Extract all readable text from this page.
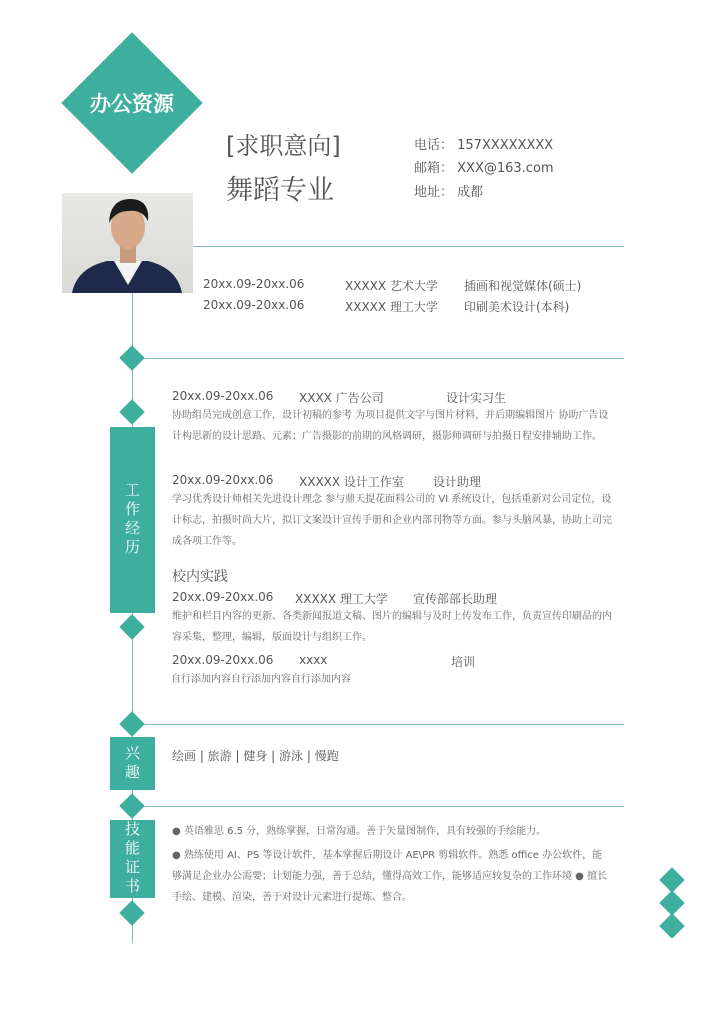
办公资源
[求职意向]
舞蹈专业
电话： 157XXXXXXXX
邮箱： XXX@163.com
地址： 成都
20xx.09-20xx.06	XXXXX 艺术大学 插画和视觉媒体(硕士)
20xx.09-20xx.06	XXXXX 理工大学 印刷美术设计(本科)
工作经历
兴趣
技能证书
20xx.09-20xx.06 XXXX 广告公司	设计实习生
协助组员完成创意工作，设计初稿的参考 为项目提供文字与图片材料，并后期编辑图片 协助广告设计构思新的设计思路、元素；广告摄影的前期的风格调研，摄影师调研与拍摄日程安排辅助工作。
20xx.09-20xx.06 XXXXX 设计工作室 设计助理
学习优秀设计师相关先进设计理念 参与鼎天提花面料公司的 VI 系统设计，包括重新对公司定位，设计标志，拍摄时尚大片，拟订文案设计宣传手册和企业内部刊物等方面。参与头脑风暴，协助上司完成各项工作等。
校内实践
20xx.09-20xx.06 XXXXX 理工大学 宣传部部长助理
维护和栏目内容的更新、各类新闻报道文稿、图片的编辑与及时上传发布工作，负责宣传印刷品的内容采集，整理，编辑，版面设计与组织工作。
20xx.09-20xx.06 xxxx	培训
自行添加内容自行添加内容自行添加内容
绘画 | 旅游 | 健身 | 游泳 | 慢跑
● 英语雅思 6.5 分，熟练掌握，日常沟通。善于矢量图制作，具有较强的手绘能力。
● 熟练使用 AI、PS 等设计软件，基本掌握后期设计 AE\PR 剪辑软件。熟悉 office 办公软件，能够满足企业办公需要；计划能力强，善于总结，懂得高效工作，能够适应较复杂的工作环境 ● 擅长手绘、建模、渲染，善于对设计元素进行提炼、整合。
